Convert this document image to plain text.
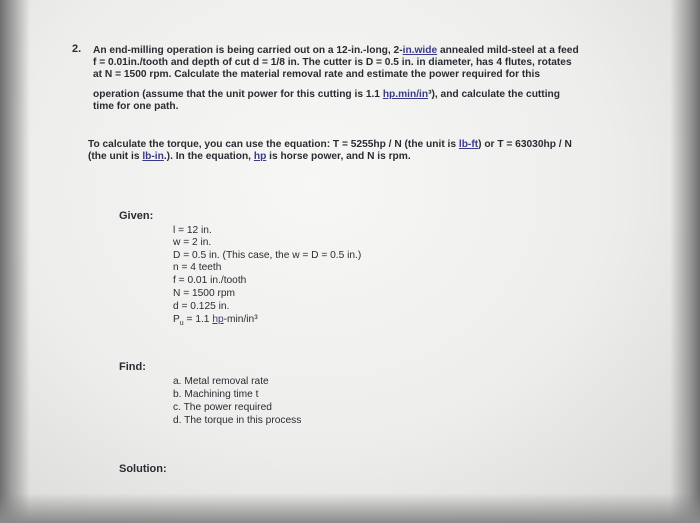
2. An end-milling operation is being carried out on a 12-in.-long, 2-in.wide annealed mild-steel at a feed
f = 0.01in./tooth and depth of cut d = 1/8 in. The cutter is D = 0.5 in. in diameter, has 4 flutes, rotates
at N = 1500 rpm. Calculate the material removal rate and estimate the power required for this
operation (assume that the unit power for this cutting is 1.1 hp.min/in³), and calculate the cutting
time for one path.
To calculate the torque, you can use the equation: T = 5255hp / N (the unit is lb-ft) or T = 63030hp / N
(the unit is lb-in.). In the equation, hp is horse power, and N is rpm.
Given:
l = 12 in.
w = 2 in.
D = 0.5 in. (This case, the w = D = 0.5 in.)
n = 4 teeth
f = 0.01 in./tooth
N = 1500 rpm
d = 0.125 in.
$P_u = 1.1$ hp-min/in³
Find:
a. Metal removal rate
b. Machining time t
c. The power required
d. The torque in this process
Solution:
